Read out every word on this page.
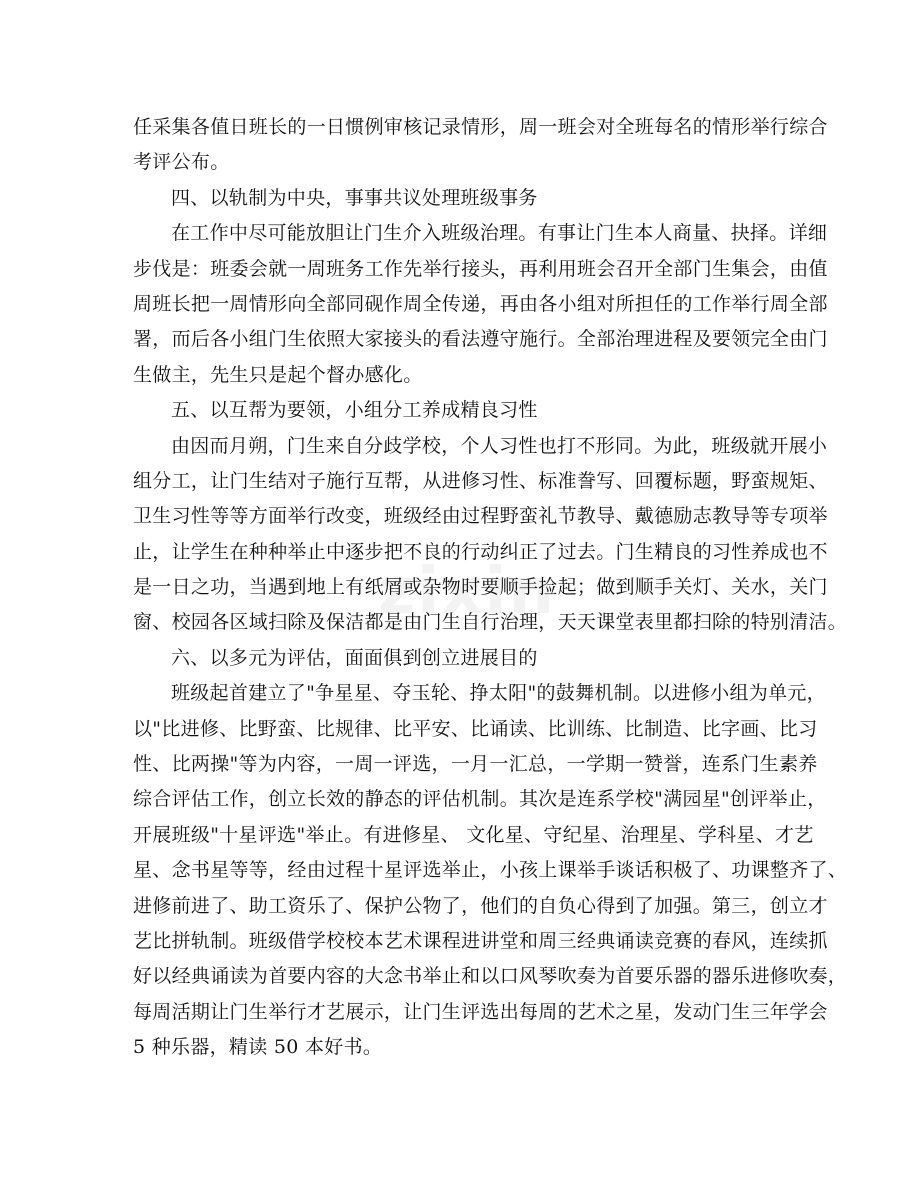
zixin
任采集各值日班长的一日惯例审核记录情形，周一班会对全班每名的情形举行综合
考评公布。
四、以轨制为中央，事事共议处理班级事务
在工作中尽可能放胆让门生介入班级治理。有事让门生本人商量、抉择。详细
步伐是：班委会就一周班务工作先举行接头，再利用班会召开全部门生集会，由值
周班长把一周情形向全部同砚作周全传递，再由各小组对所担任的工作举行周全部
署，而后各小组门生依照大家接头的看法遵守施行。全部治理进程及要领完全由门
生做主，先生只是起个督办感化。
五、以互帮为要领，小组分工养成精良习性
由因而月朔，门生来自分歧学校，个人习性也打不形同。为此，班级就开展小
组分工，让门生结对子施行互帮，从进修习性、标准誊写、回覆标题，野蛮规矩、
卫生习性等等方面举行改变，班级经由过程野蛮礼节教导、戴德励志教导等专项举
止，让学生在种种举止中逐步把不良的行动纠正了过去。门生精良的习性养成也不
是一日之功，当遇到地上有纸屑或杂物时要顺手捡起；做到顺手关灯、关水，关门
窗、校园各区域扫除及保洁都是由门生自行治理，天天课堂表里都扫除的特别清洁。
六、以多元为评估，面面俱到创立进展目的
班级起首建立了"争星星、夺玉轮、挣太阳"的鼓舞机制。以进修小组为单元，
以"比进修、比野蛮、比规律、比平安、比诵读、比训练、比制造、比字画、比习
性、比两操"等为内容，一周一评选，一月一汇总，一学期一赞誉，连系门生素养
综合评估工作，创立长效的静态的评估机制。其次是连系学校"满园星"创评举止，
开展班级"十星评选"举止。有进修星、 文化星、守纪星、治理星、学科星、才艺
星、念书星等等，经由过程十星评选举止，小孩上课举手谈话积极了、功课整齐了、
进修前进了、助工资乐了、保护公物了，他们的自负心得到了加强。第三，创立才
艺比拼轨制。班级借学校校本艺术课程进讲堂和周三经典诵读竞赛的春风，连续抓
好以经典诵读为首要内容的大念书举止和以口风琴吹奏为首要乐器的器乐进修吹奏，
每周活期让门生举行才艺展示，让门生评选出每周的艺术之星，发动门生三年学会
5 种乐器，精读 50 本好书。
